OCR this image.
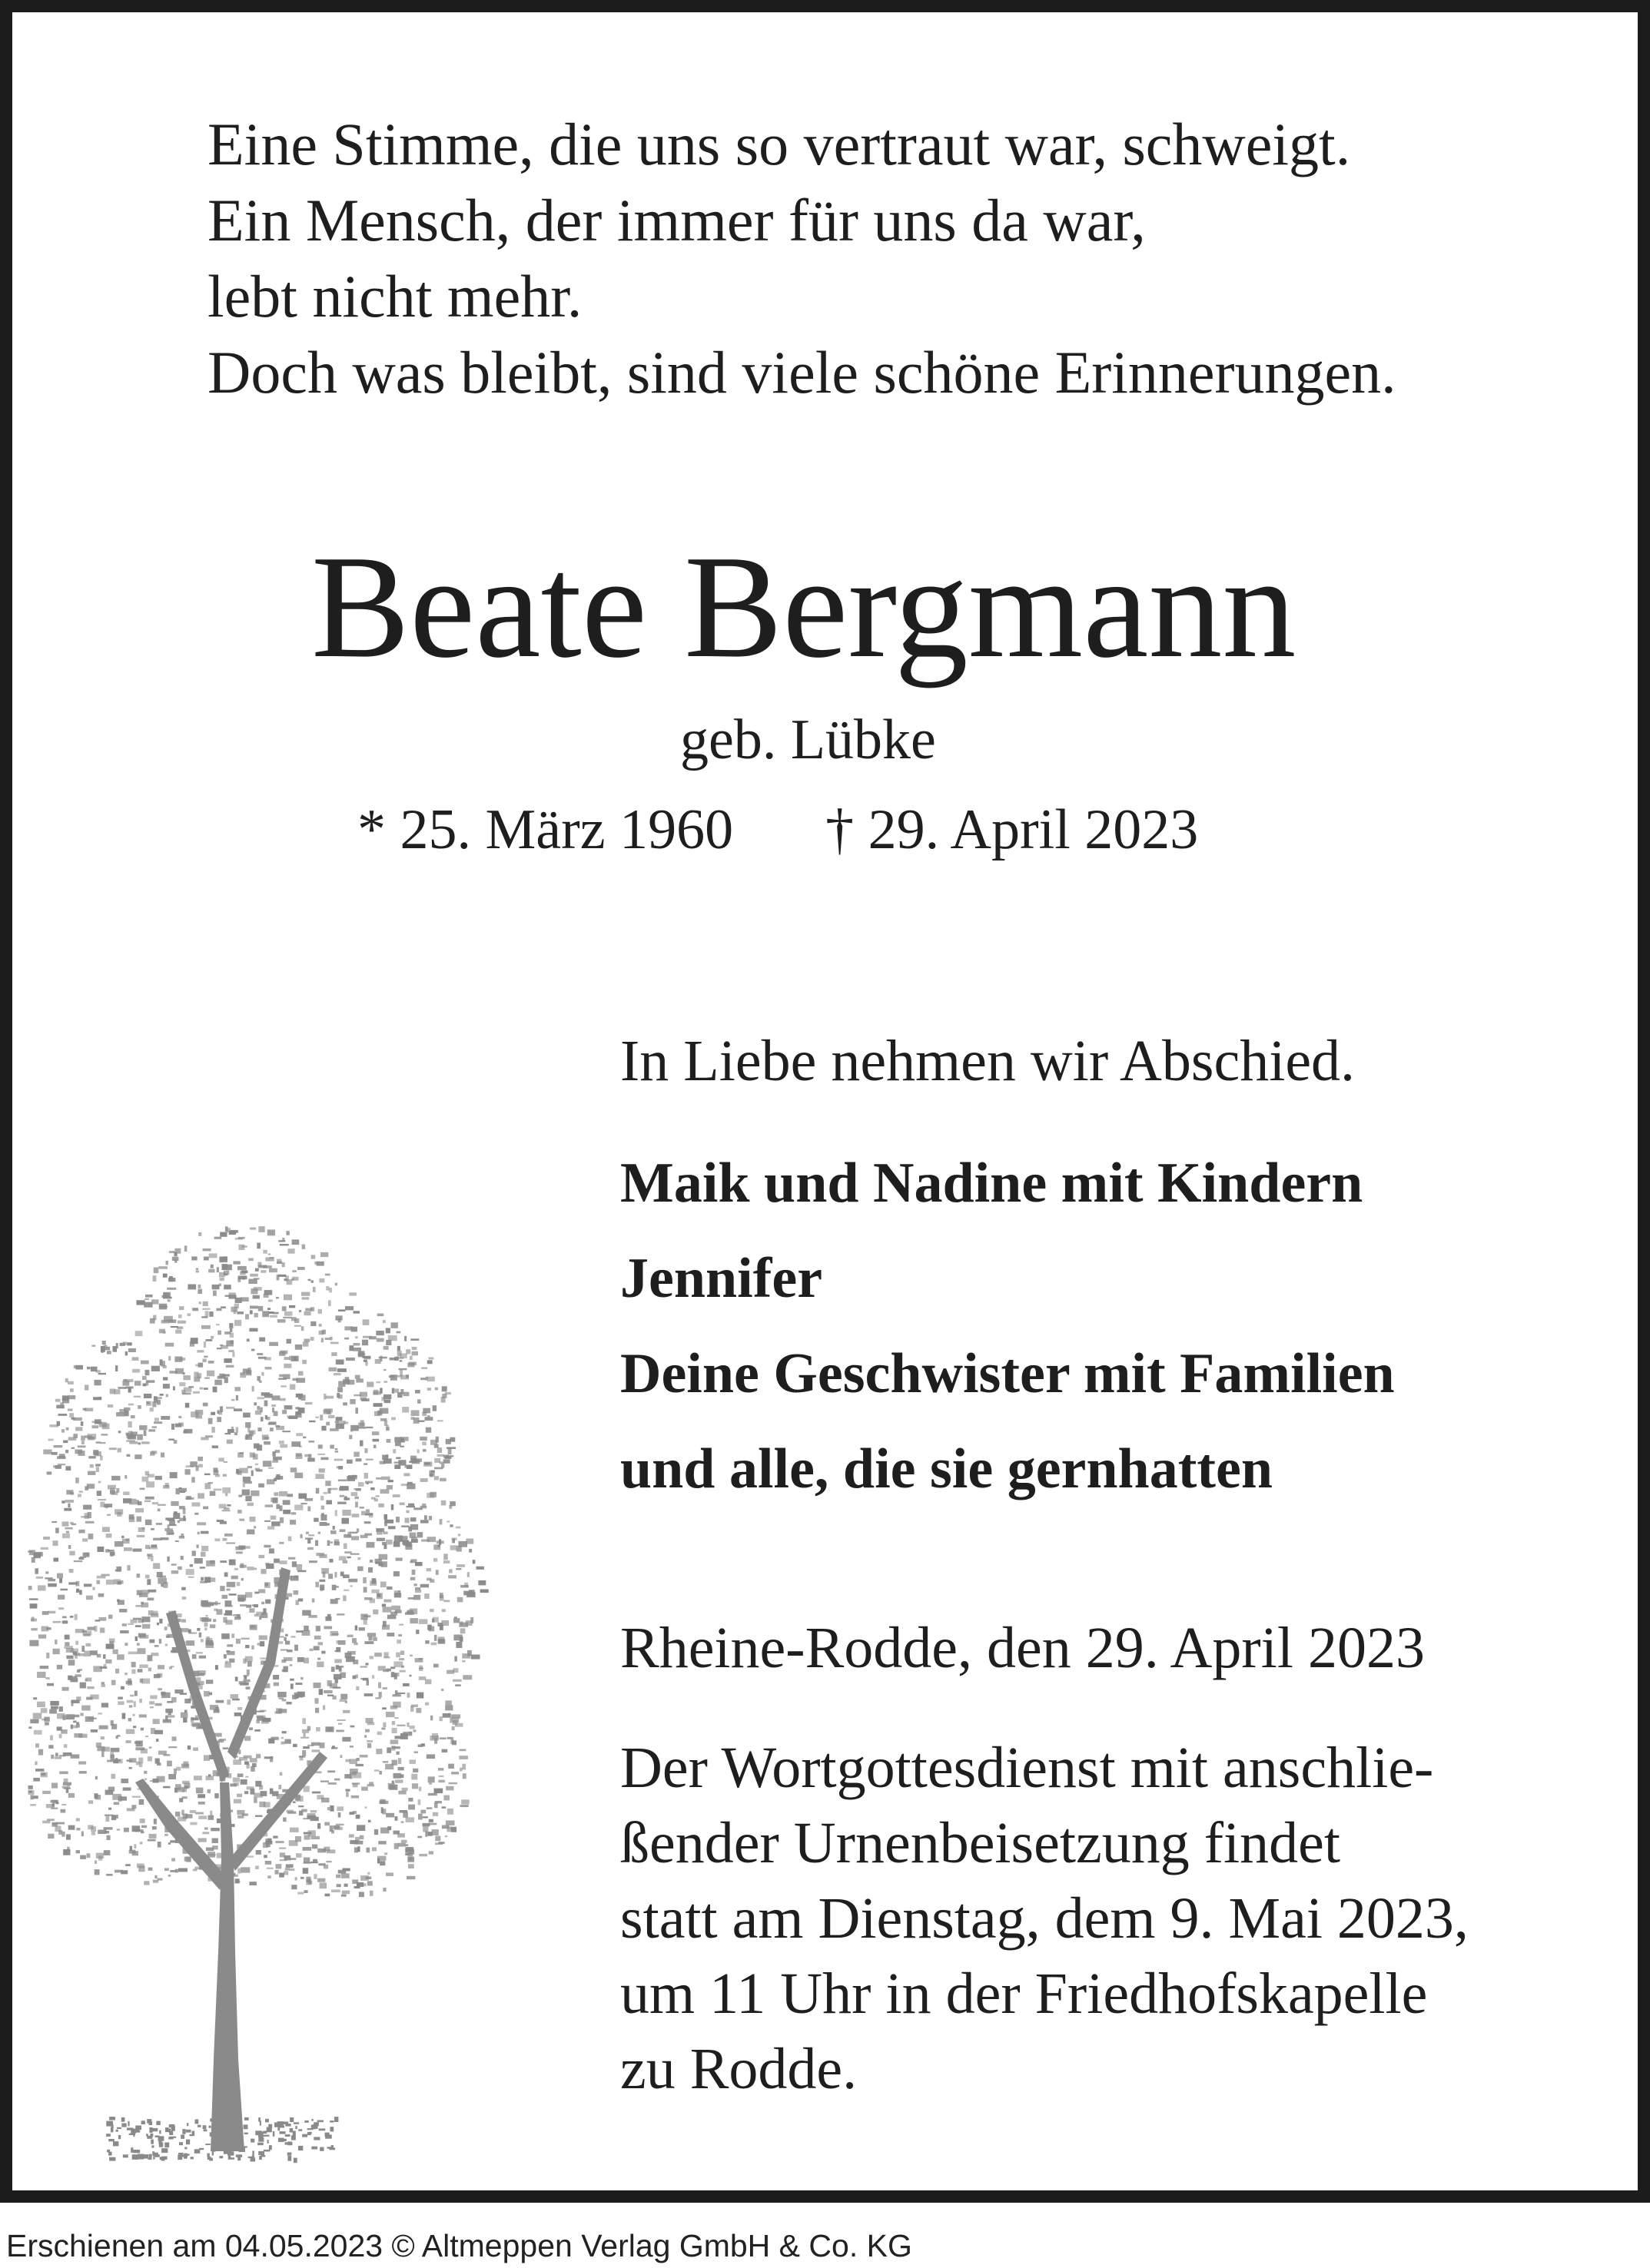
Eine Stimme, die uns so vertraut war, schweigt.
Ein Mensch, der immer für uns da war,
lebt nicht mehr.
Doch was bleibt, sind viele schöne Erinnerungen.
Beate Bergmann
geb. Lübke
* 25. März 1960 † 29. April 2023
In Liebe nehmen wir Abschied.
Maik und Nadine mit Kindern
Jennifer
Deine Geschwister mit Familien
und alle, die sie gernhatten
Rheine-Rodde, den 29. April 2023
Der Wortgottesdienst mit anschlie-
ßender Urnenbeisetzung findet
statt am Dienstag, dem 9. Mai 2023,
um 11 Uhr in der Friedhofskapelle
zu Rodde.
Erschienen am 04.05.2023 © Altmeppen Verlag GmbH & Co. KG
